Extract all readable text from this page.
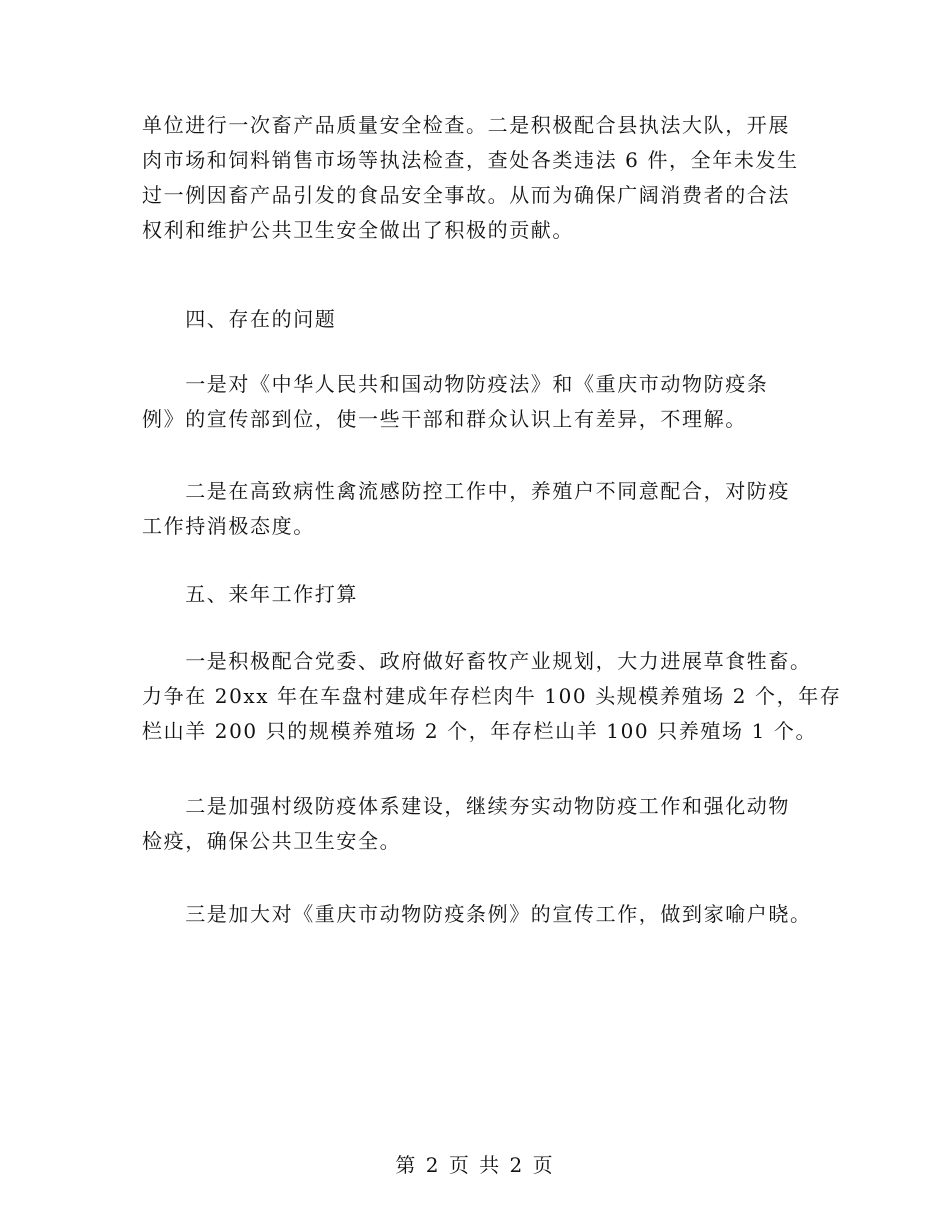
单位进行一次畜产品质量安全检查。二是积极配合县执法大队，开展
肉市场和饲料销售市场等执法检查，查处各类违法 6 件，全年未发生
过一例因畜产品引发的食品安全事故。从而为确保广阔消费者的合法
权利和维护公共卫生安全做出了积极的贡献。
　　四、存在的问题
　　一是对《中华人民共和国动物防疫法》和《重庆市动物防疫条
例》的宣传部到位，使一些干部和群众认识上有差异，不理解。
　　二是在高致病性禽流感防控工作中，养殖户不同意配合，对防疫
工作持消极态度。
　　五、来年工作打算
　　一是积极配合党委、政府做好畜牧产业规划，大力进展草食牲畜。
力争在 20xx 年在车盘村建成年存栏肉牛 100 头规模养殖场 2 个，年存
栏山羊 200 只的规模养殖场 2 个，年存栏山羊 100 只养殖场 1 个。
　　二是加强村级防疫体系建设，继续夯实动物防疫工作和强化动物
检疫，确保公共卫生安全。
　　三是加大对《重庆市动物防疫条例》的宣传工作，做到家喻户晓。
第 2 页 共 2 页
